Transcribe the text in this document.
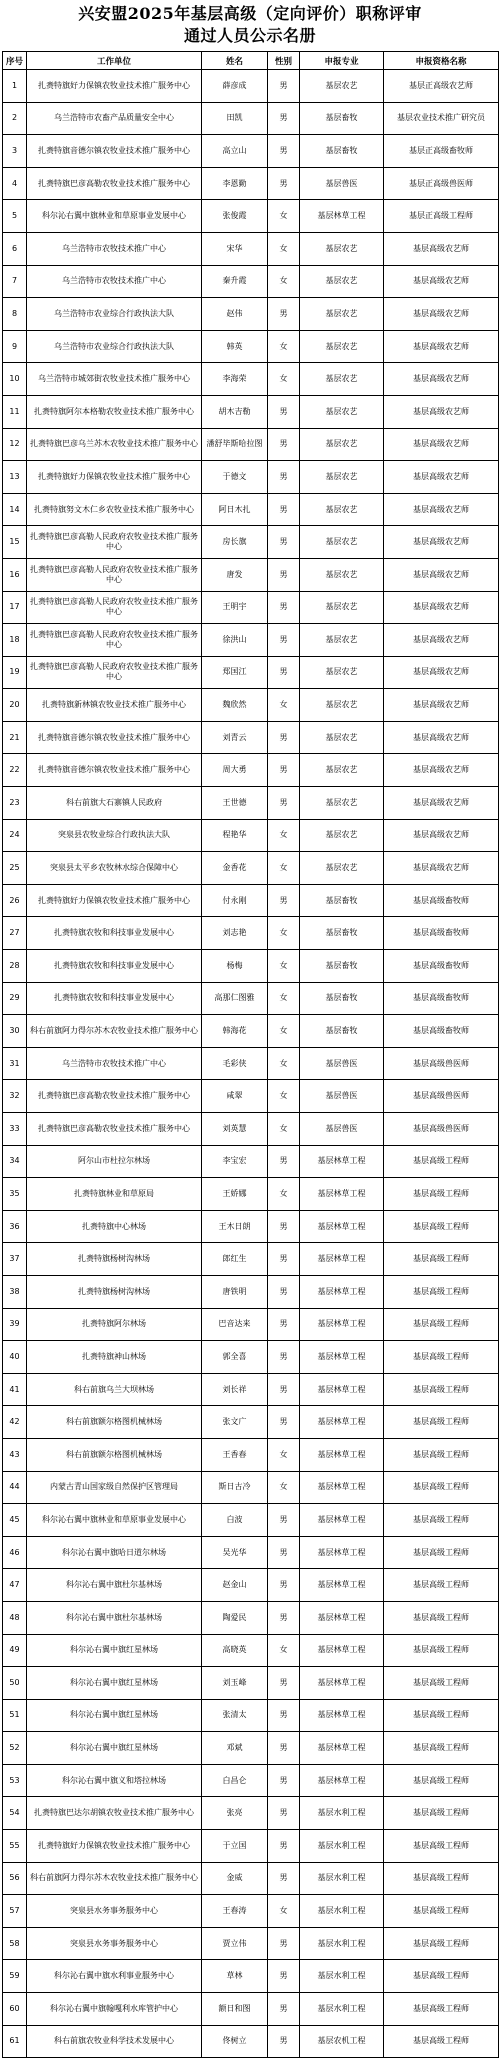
兴安盟2025年基层高级（定向评价）职称评审
通过人员公示名册
序号	工作单位	姓名	性别	申报专业	申报资格名称
1	扎赉特旗好力保镇农牧业技术推广服务中心	薛彦成	男	基层农艺	基层正高级农艺师
2	乌兰浩特市农畜产品质量安全中心	田凯	男	基层畜牧	基层农业技术推广研究员
3	扎赉特旗音德尔镇农牧业技术推广服务中心	高立山	男	基层畜牧	基层正高级畜牧师
4	扎赉特旗巴彦高勒农牧业技术推广服务中心	李恩勤	男	基层兽医	基层正高级兽医师
5	科尔沁右翼中旗林业和草原事业发展中心	张俊霞	女	基层林草工程	基层正高级工程师
6	乌兰浩特市农牧技术推广中心	宋华	女	基层农艺	基层高级农艺师
7	乌兰浩特市农牧技术推广中心	秦升霞	女	基层农艺	基层高级农艺师
8	乌兰浩特市农业综合行政执法大队	赵伟	男	基层农艺	基层高级农艺师
9	乌兰浩特市农业综合行政执法大队	韩英	女	基层农艺	基层高级农艺师
10	乌兰浩特市城郊街农牧业技术推广服务中心	李海荣	女	基层农艺	基层高级农艺师
11	扎赉特旗阿尔本格勒农牧业技术推广服务中心	胡木吉勒	男	基层农艺	基层高级农艺师
12	扎赉特旗巴彦乌兰苏木农牧业技术推广服务中心	潘舒毕斯哈拉图	男	基层农艺	基层高级农艺师
13	扎赉特旗好力保镇农牧业技术推广服务中心	于德文	男	基层农艺	基层高级农艺师
14	扎赉特旗努文木仁乡农牧业技术推广服务中心	阿日木扎	男	基层农艺	基层高级农艺师
15	扎赉特旗巴彦高勒人民政府农牧业技术推广服务中心	房长旗	男	基层农艺	基层高级农艺师
16	扎赉特旗巴彦高勒人民政府农牧业技术推广服务中心	唐发	男	基层农艺	基层高级农艺师
17	扎赉特旗巴彦高勒人民政府农牧业技术推广服务中心	王明宇	男	基层农艺	基层高级农艺师
18	扎赉特旗巴彦高勒人民政府农牧业技术推广服务中心	徐洪山	男	基层农艺	基层高级农艺师
19	扎赉特旗巴彦高勒人民政府农牧业技术推广服务中心	郑国江	男	基层农艺	基层高级农艺师
20	扎赉特旗新林镇农牧业技术推广服务中心	魏欣然	女	基层农艺	基层高级农艺师
21	扎赉特旗音德尔镇农牧业技术推广服务中心	刘青云	男	基层农艺	基层高级农艺师
22	扎赉特旗音德尔镇农牧业技术推广服务中心	周大勇	男	基层农艺	基层高级农艺师
23	科右前旗大石寨镇人民政府	王世德	男	基层农艺	基层高级农艺师
24	突泉县农牧业综合行政执法大队	程艳华	女	基层农艺	基层高级农艺师
25	突泉县太平乡农牧林水综合保障中心	金香花	女	基层农艺	基层高级农艺师
26	扎赉特旗好力保镇农牧业技术推广服务中心	付永刚	男	基层畜牧	基层高级畜牧师
27	扎赉特旗农牧和科技事业发展中心	刘志艳	女	基层畜牧	基层高级畜牧师
28	扎赉特旗农牧和科技事业发展中心	杨梅	女	基层畜牧	基层高级畜牧师
29	扎赉特旗农牧和科技事业发展中心	高那仁图雅	女	基层畜牧	基层高级畜牧师
30	科右前旗阿力得尔苏木农牧业技术推广服务中心	韩海花	女	基层畜牧	基层高级畜牧师
31	乌兰浩特市农牧技术推广中心	毛彩侠	女	基层兽医	基层高级兽医师
32	扎赉特旗巴彦高勒农牧业技术推广服务中心	咸翠	女	基层兽医	基层高级兽医师
33	扎赉特旗巴彦高勒农牧业技术推广服务中心	刘英慧	女	基层兽医	基层高级兽医师
34	阿尔山市杜拉尔林场	李宝宏	男	基层林草工程	基层高级工程师
35	扎赉特旗林业和草原局	王娇娜	女	基层林草工程	基层高级工程师
36	扎赉特旗中心林场	王木日朗	男	基层林草工程	基层高级工程师
37	扎赉特旗杨树沟林场	郎红生	男	基层林草工程	基层高级工程师
38	扎赉特旗杨树沟林场	唐铁明	男	基层林草工程	基层高级工程师
39	扎赉特旗阿尔林场	巴音达来	男	基层林草工程	基层高级工程师
40	扎赉特旗神山林场	郭全喜	男	基层林草工程	基层高级工程师
41	科右前旗乌兰大坝林场	刘长祥	男	基层林草工程	基层高级工程师
42	科右前旗额尔格图机械林场	张文广	男	基层林草工程	基层高级工程师
43	科右前旗额尔格图机械林场	王香春	女	基层林草工程	基层高级工程师
44	内蒙古青山国家级自然保护区管理局	斯日古冷	女	基层林草工程	基层高级工程师
45	科尔沁右翼中旗林业和草原事业发展中心	白波	男	基层林草工程	基层高级工程师
46	科尔沁右翼中旗哈日道尔林场	吴光华	男	基层林草工程	基层高级工程师
47	科尔沁右翼中旗杜尔基林场	赵金山	男	基层林草工程	基层高级工程师
48	科尔沁右翼中旗杜尔基林场	陶爱民	男	基层林草工程	基层高级工程师
49	科尔沁右翼中旗红星林场	高晓英	女	基层林草工程	基层高级工程师
50	科尔沁右翼中旗红星林场	刘玉峰	男	基层林草工程	基层高级工程师
51	科尔沁右翼中旗红星林场	张清太	男	基层林草工程	基层高级工程师
52	科尔沁右翼中旗红星林场	邓斌	男	基层林草工程	基层高级工程师
53	科尔沁右翼中旗义和塔拉林场	白昌仑	男	基层林草工程	基层高级工程师
54	扎赉特旗巴达尔胡镇农牧业技术推广服务中心	张亮	男	基层水利工程	基层高级工程师
55	扎赉特旗好力保镇农牧业技术推广服务中心	于立国	男	基层水利工程	基层高级工程师
56	科右前旗阿力得尔苏木农牧业技术推广服务中心	金威	男	基层水利工程	基层高级工程师
57	突泉县水务事务服务中心	王春涛	女	基层水利工程	基层高级工程师
58	突泉县水务事务服务中心	贾立伟	男	基层水利工程	基层高级工程师
59	科尔沁右翼中旗水利事业服务中心	草林	男	基层水利工程	基层高级工程师
60	科尔沁右翼中旗翰嘎利水库管护中心	额日和图	男	基层水利工程	基层高级工程师
61	科右前旗农牧业科学技术发展中心	佟树立	男	基层农机工程	基层高级工程师
